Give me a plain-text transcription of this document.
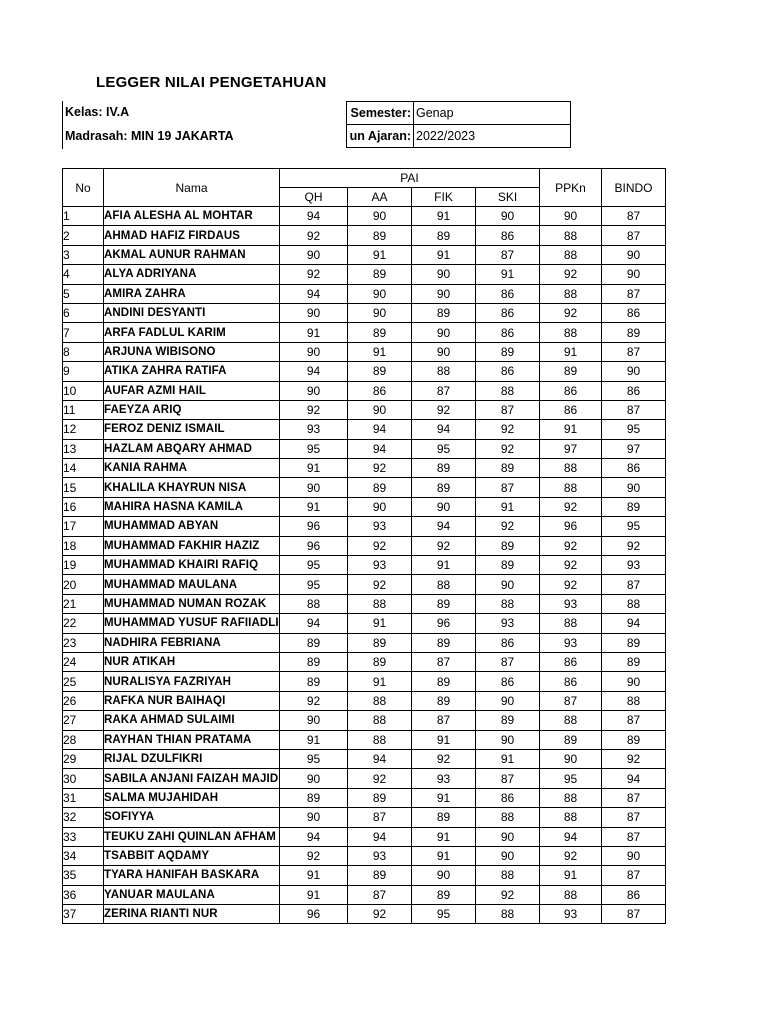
LEGGER NILAI PENGETAHUAN
Kelas: IV.A
Madrasah: MIN 19 JAKARTA
Semester:	Genap
un Ajaran:	2022/2023
No	Nama	PAI				PPKn	BINDO
		QH	AA	FIK	SKI		
1	AFIA ALESHA AL MOHTAR	94	90	91	90	90	87
2	AHMAD HAFIZ FIRDAUS	92	89	89	86	88	87
3	AKMAL AUNUR RAHMAN	90	91	91	87	88	90
4	ALYA ADRIYANA	92	89	90	91	92	90
5	AMIRA ZAHRA	94	90	90	86	88	87
6	ANDINI DESYANTI	90	90	89	86	92	86
7	ARFA FADLUL KARIM	91	89	90	86	88	89
8	ARJUNA WIBISONO	90	91	90	89	91	87
9	ATIKA ZAHRA RATIFA	94	89	88	86	89	90
10	AUFAR AZMI HAIL	90	86	87	88	86	86
11	FAEYZA ARIQ	92	90	92	87	86	87
12	FEROZ DENIZ ISMAIL	93	94	94	92	91	95
13	HAZLAM ABQARY AHMAD	95	94	95	92	97	97
14	KANIA RAHMA	91	92	89	89	88	86
15	KHALILA KHAYRUN NISA	90	89	89	87	88	90
16	MAHIRA HASNA KAMILA	91	90	90	91	92	89
17	MUHAMMAD ABYAN	96	93	94	92	96	95
18	MUHAMMAD FAKHIR HAZIZ	96	92	92	89	92	92
19	MUHAMMAD KHAIRI RAFIQ	95	93	91	89	92	93
20	MUHAMMAD MAULANA	95	92	88	90	92	87
21	MUHAMMAD NUMAN ROZAK	88	88	89	88	93	88
22	MUHAMMAD YUSUF RAFIIADLI	94	91	96	93	88	94
23	NADHIRA FEBRIANA	89	89	89	86	93	89
24	NUR ATIKAH	89	89	87	87	86	89
25	NURALISYA FAZRIYAH	89	91	89	86	86	90
26	RAFKA NUR BAIHAQI	92	88	89	90	87	88
27	RAKA AHMAD SULAIMI	90	88	87	89	88	87
28	RAYHAN THIAN PRATAMA	91	88	91	90	89	89
29	RIJAL DZULFIKRI	95	94	92	91	90	92
30	SABILA ANJANI FAIZAH MAJID	90	92	93	87	95	94
31	SALMA MUJAHIDAH	89	89	91	86	88	87
32	SOFIYYA	90	87	89	88	88	87
33	TEUKU ZAHI QUINLAN AFHAM	94	94	91	90	94	87
34	TSABBIT AQDAMY	92	93	91	90	92	90
35	TYARA HANIFAH BASKARA	91	89	90	88	91	87
36	YANUAR MAULANA	91	87	89	92	88	86
37	ZERINA RIANTI NUR	96	92	95	88	93	87
